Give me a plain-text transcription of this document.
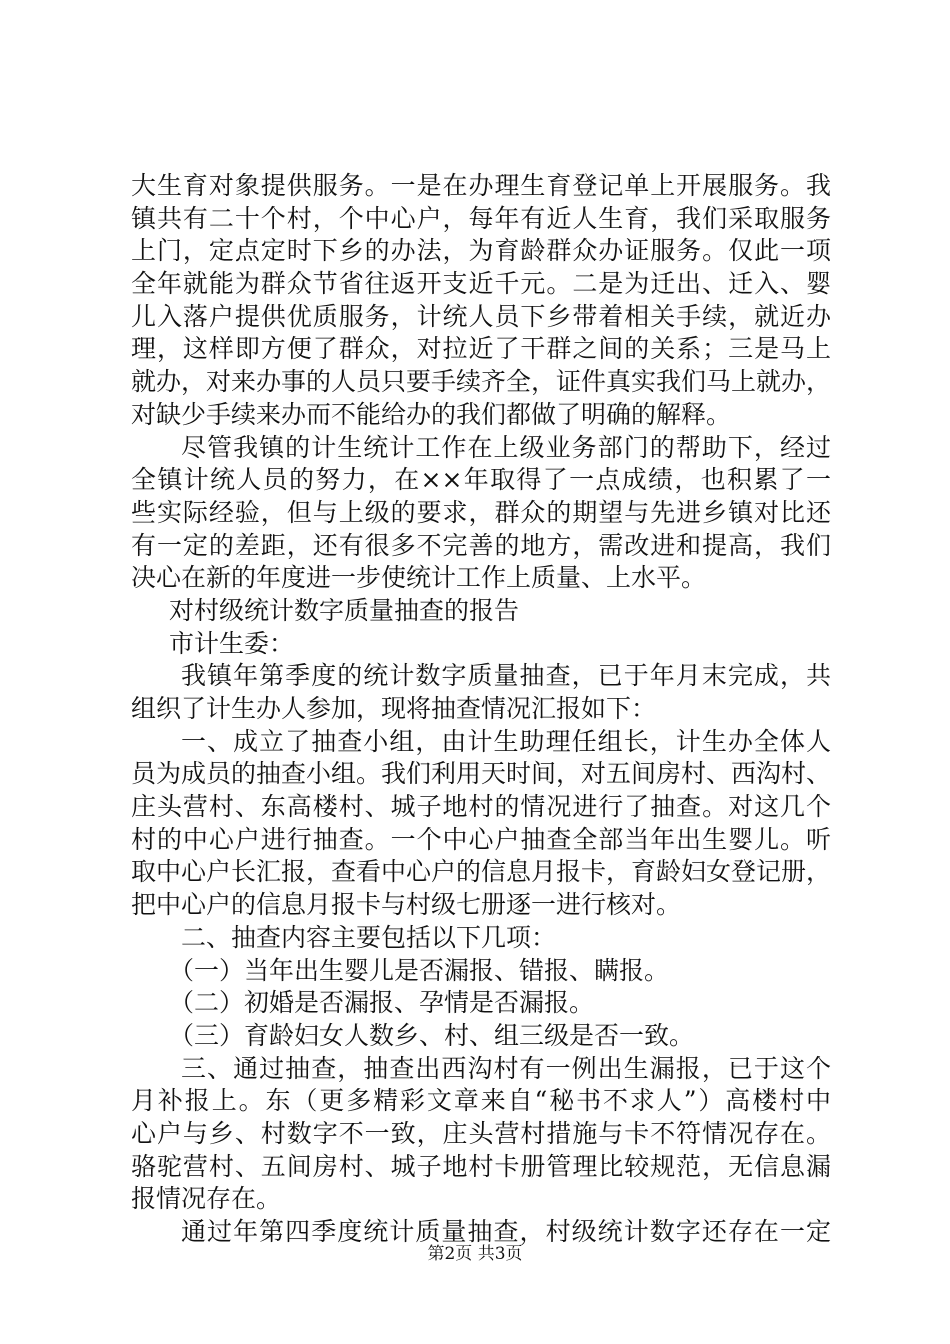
大生育对象提供服务。一是在办理生育登记单上开展服务。我
镇共有二十个村，个中心户，每年有近人生育，我们采取服务
上门，定点定时下乡的办法，为育龄群众办证服务。仅此一项
全年就能为群众节省往返开支近千元。二是为迁出、迁入、婴
儿入落户提供优质服务，计统人员下乡带着相关手续，就近办
理，这样即方便了群众，对拉近了干群之间的关系；三是马上
就办，对来办事的人员只要手续齐全，证件真实我们马上就办，
对缺少手续来办而不能给办的我们都做了明确的解释。
尽管我镇的计生统计工作在上级业务部门的帮助下，经过
全镇计统人员的努力，在××年取得了一点成绩，也积累了一
些实际经验，但与上级的要求，群众的期望与先进乡镇对比还
有一定的差距，还有很多不完善的地方，需改进和提高，我们
决心在新的年度进一步使统计工作上质量、上水平。
对村级统计数字质量抽查的报告
市计生委：
我镇年第季度的统计数字质量抽查，已于年月末完成，共
组织了计生办人参加，现将抽查情况汇报如下：
一、成立了抽查小组，由计生助理任组长，计生办全体人
员为成员的抽查小组。我们利用天时间，对五间房村、西沟村、
庄头营村、东高楼村、城子地村的情况进行了抽查。对这几个
村的中心户进行抽查。一个中心户抽查全部当年出生婴儿。听
取中心户长汇报，查看中心户的信息月报卡，育龄妇女登记册，
把中心户的信息月报卡与村级七册逐一进行核对。
二、抽查内容主要包括以下几项：
（一）当年出生婴儿是否漏报、错报、瞒报。
（二）初婚是否漏报、孕情是否漏报。
（三）育龄妇女人数乡、村、组三级是否一致。
三、通过抽查，抽查出西沟村有一例出生漏报，已于这个
月补报上。东（更多精彩文章来自“秘书不求人”）高楼村中
心户与乡、村数字不一致，庄头营村措施与卡不符情况存在。
骆驼营村、五间房村、城子地村卡册管理比较规范，无信息漏
报情况存在。
通过年第四季度统计质量抽查，村级统计数字还存在一定
第2页 共3页
